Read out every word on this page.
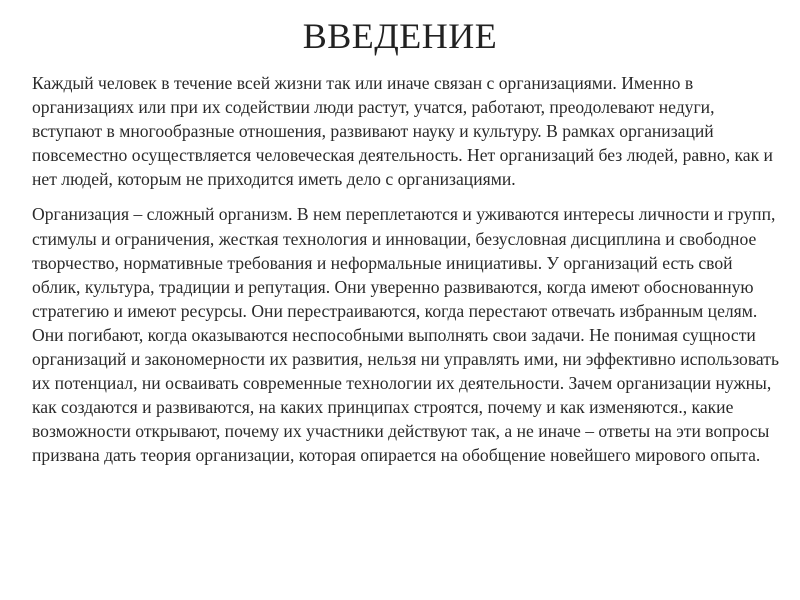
ВВЕДЕНИЕ

Каждый человек в течение всей жизни так или иначе связан с организациями. Именно в организациях или при их содействии люди растут, учатся, работают, преодолевают недуги, вступают в многообразные отношения, развивают науку и культуру. В рамках организаций повсеместно осуществляется человеческая деятельность. Нет организаций без людей, равно, как и нет людей, которым не приходится иметь дело с организациями.

Организация – сложный организм. В нем переплетаются и уживаются интересы личности и групп, стимулы и ограничения, жесткая технология и инновации, безусловная дисциплина и свободное творчество, нормативные требования и неформальные инициативы. У организаций есть свой облик, культура, традиции и репутация. Они уверенно развиваются, когда имеют обоснованную стратегию и имеют ресурсы. Они перестраиваются, когда перестают отвечать избранным целям. Они погибают, когда оказываются неспособными выполнять свои задачи. Не понимая сущности организаций и закономерности их развития, нельзя ни управлять ими, ни эффективно использовать их потенциал, ни осваивать современные технологии их деятельности. Зачем организации нужны, как создаются и развиваются, на каких принципах строятся, почему и как изменяются., какие возможности открывают, почему их участники действуют так, а не иначе – ответы на эти вопросы призвана дать теория организации, которая опирается на обобщение новейшего мирового опыта.
